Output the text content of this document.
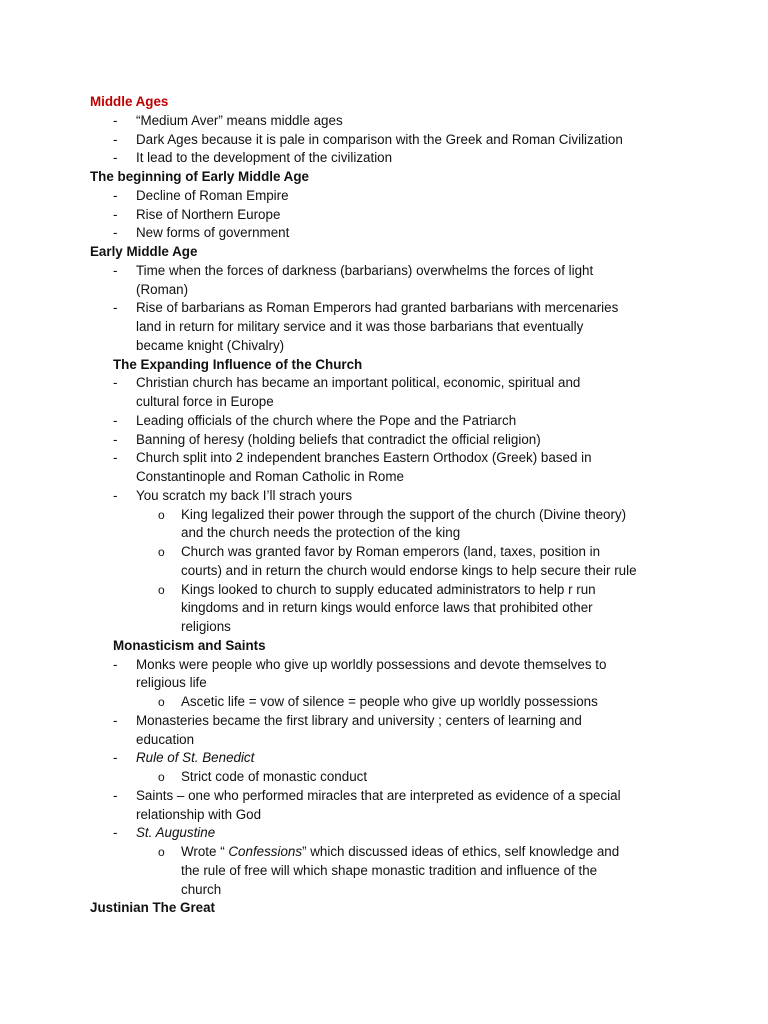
Middle Ages
- “Medium Aver” means middle ages
- Dark Ages because it is pale in comparison with the Greek and Roman Civilization
- It lead to the development of the civilization
The beginning of Early Middle Age
- Decline of Roman Empire
- Rise of Northern Europe
- New forms of government
Early Middle Age
- Time when the forces of darkness (barbarians) overwhelms the forces of light
(Roman)
- Rise of barbarians as Roman Emperors had granted barbarians with mercenaries
land in return for military service and it was those barbarians that eventually
became knight (Chivalry)
The Expanding Influence of the Church
- Christian church has became an important political, economic, spiritual and
cultural force in Europe
- Leading officials of the church where the Pope and the Patriarch
- Banning of heresy (holding beliefs that contradict the official religion)
- Church split into 2 independent branches Eastern Orthodox (Greek) based in
Constantinople and Roman Catholic in Rome
- You scratch my back I’ll strach yours
o King legalized their power through the support of the church (Divine theory)
and the church needs the protection of the king
o Church was granted favor by Roman emperors (land, taxes, position in
courts) and in return the church would endorse kings to help secure their rule
o Kings looked to church to supply educated administrators to help r run
kingdoms and in return kings would enforce laws that prohibited other
religions
Monasticism and Saints
- Monks were people who give up worldly possessions and devote themselves to
religious life
o Ascetic life = vow of silence = people who give up worldly possessions
- Monasteries became the first library and university ; centers of learning and
education
- Rule of St. Benedict
o Strict code of monastic conduct
- Saints – one who performed miracles that are interpreted as evidence of a special
relationship with God
- St. Augustine
o Wrote “ Confessions” which discussed ideas of ethics, self knowledge and
the rule of free will which shape monastic tradition and influence of the
church
Justinian The Great
